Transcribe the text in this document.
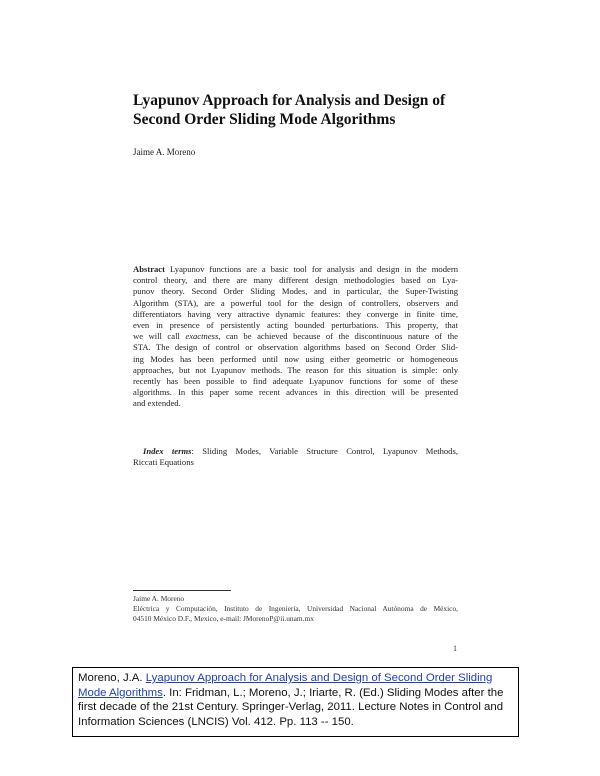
Lyapunov Approach for Analysis and Design of
Second Order Sliding Mode Algorithms
Jaime A. Moreno
Abstract Lyapunov functions are a basic tool for analysis and design in the modern
control theory, and there are many different design methodologies based on Lya-
punov theory. Second Order Sliding Modes, and in particular, the Super-Twisting
Algorithm (STA), are a powerful tool for the design of controllers, observers and
differentiators having very attractive dynamic features: they converge in finite time,
even in presence of persistently acting bounded perturbations. This property, that
we will call exactness, can be achieved because of the discontinuous nature of the
STA. The design of control or observation algorithms based on Second Order Slid-
ing Modes has been performed until now using either geometric or homogeneous
approaches, but not Lyapunov methods. The reason for this situation is simple: only
recently has been possible to find adequate Lyapunov functions for some of these
algorithms. In this paper some recent advances in this direction will be presented
and extended.
Index terms: Sliding Modes, Variable Structure Control, Lyapunov Methods,
Riccati Equations
Jaime A. Moreno
Eléctrica y Computación, Instituto de Ingeniería, Universidad Nacional Autónoma de México,
04510 México D.F., Mexico, e-mail: JMorenoP@ii.unam.mx
1
Moreno, J.A. Lyapunov Approach for Analysis and Design of Second Order Sliding
Mode Algorithms. In: Fridman, L.; Moreno, J.; Iriarte, R. (Ed.) Sliding Modes after the
first decade of the 21st Century. Springer-Verlag, 2011. Lecture Notes in Control and
Information Sciences (LNCIS) Vol. 412. Pp. 113 -- 150.
